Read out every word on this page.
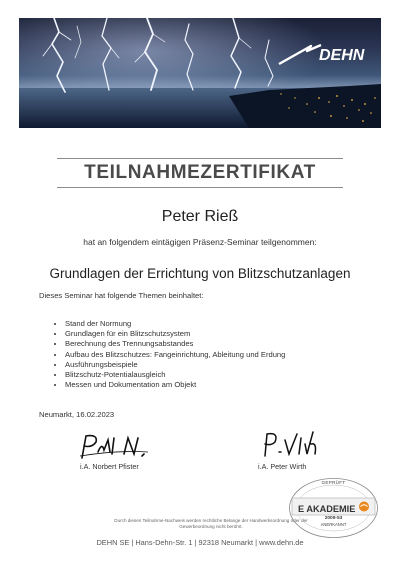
DEHN
TEILNAHMEZERTIFIKAT
Peter Rieß
hat an folgendem eintägigen Präsenz-Seminar teilgenommen:
Grundlagen der Errichtung von Blitzschutzanlagen
Dieses Seminar hat folgende Themen beinhaltet:
• Stand der Normung
• Grundlagen für ein Blitzschutzsystem
• Berechnung des Trennungsabstandes
• Aufbau des Blitzschutzes: Fangeinrichtung, Ableitung und Erdung
• Ausführungsbeispiele
• Blitzschutz-Potentialausgleich
• Messen und Dokumentation am Objekt
Neumarkt, 16.02.2023
i.A. Norbert Pfister	i.A. Peter Wirth
GEPRÜFT
E AKADEMIE
2009-53
ANERKANNT
Durch diesen Teilnahme-Nachweis werden rechtliche Belange der Handwerksordnung oder der Gewerbeordnung nicht berührt.
DEHN SE | Hans-Dehn-Str. 1 | 92318 Neumarkt | www.dehn.de
